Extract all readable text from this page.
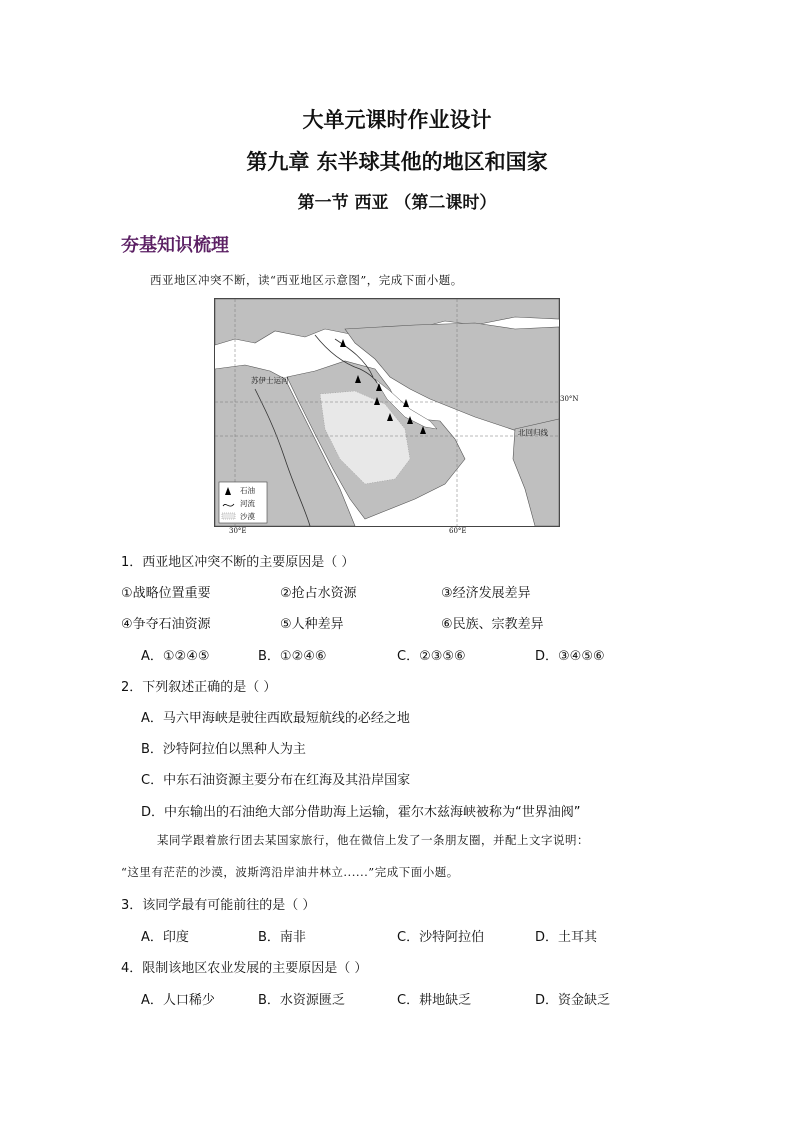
大单元课时作业设计
第九章 东半球其他的地区和国家
第一节 西亚 （第二课时）
夯基知识梳理
西亚地区冲突不断，读“西亚地区示意图”，完成下面小题。
苏伊士运河
30°N
北回归线
石油
河流
沙漠
30°E	60°E
1．西亚地区冲突不断的主要原因是（ ）
①战略位置重要	②抢占水资源	③经济发展差异
④争夺石油资源	⑤人种差异	⑥民族、宗教差异
A．①②④⑤	B．①②④⑥	C．②③⑤⑥	D．③④⑤⑥
2．下列叙述正确的是（ ）
A．马六甲海峡是驶往西欧最短航线的必经之地
B．沙特阿拉伯以黑种人为主
C．中东石油资源主要分布在红海及其沿岸国家
D．中东输出的石油绝大部分借助海上运输，霍尔木兹海峡被称为“世界油阀”
某同学跟着旅行团去某国家旅行，他在微信上发了一条朋友圈，并配上文字说明：
“这里有茫茫的沙漠，波斯湾沿岸油井林立......”完成下面小题。
3．该同学最有可能前往的是（ ）
A．印度	B．南非	C．沙特阿拉伯	D．土耳其
4．限制该地区农业发展的主要原因是（ ）
A．人口稀少	B．水资源匮乏	C．耕地缺乏	D．资金缺乏
